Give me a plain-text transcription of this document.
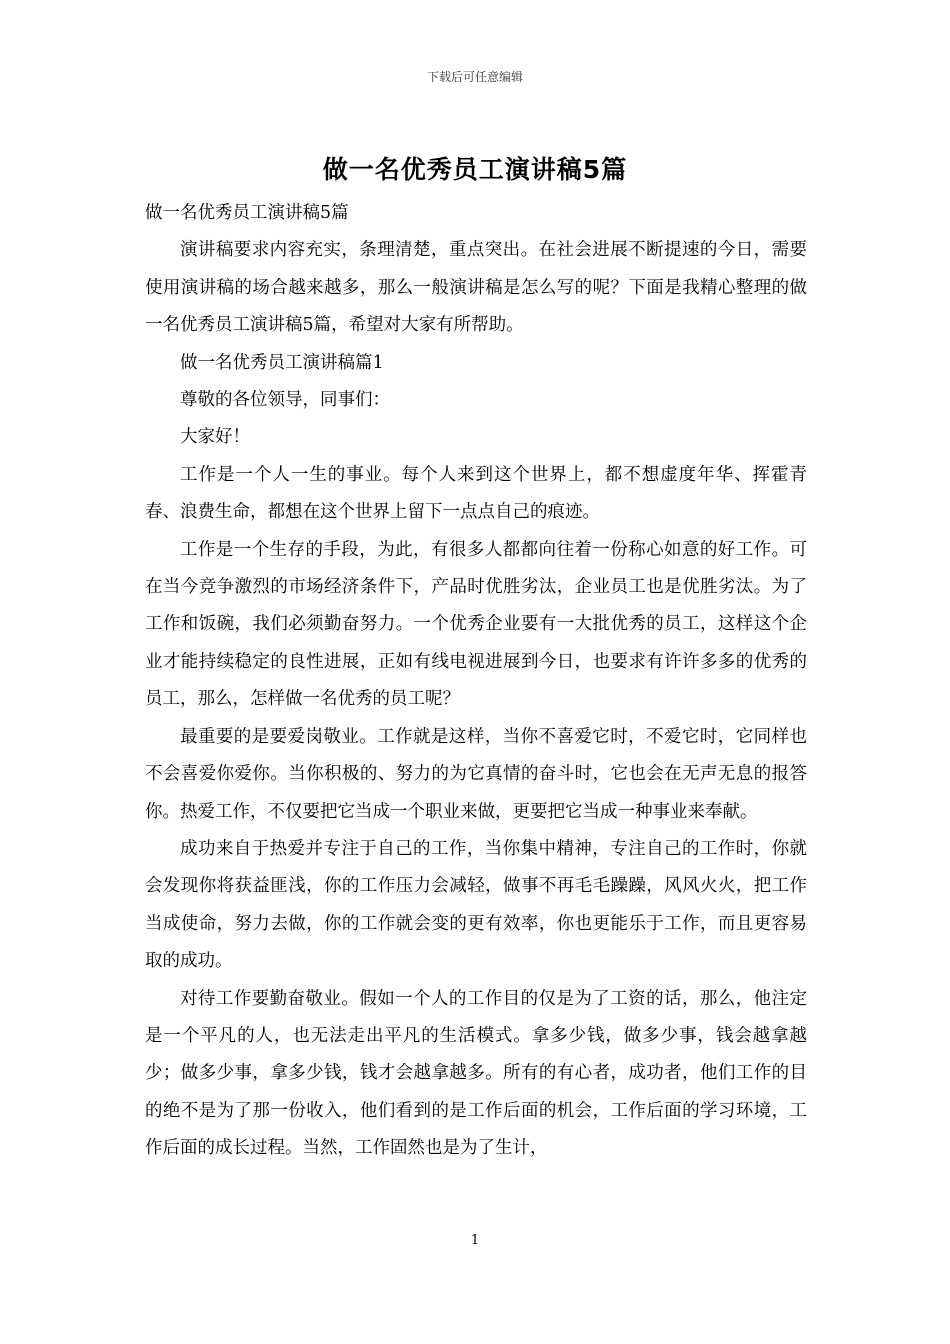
下载后可任意编辑
做一名优秀员工演讲稿5篇

做一名优秀员工演讲稿5篇

演讲稿要求内容充实，条理清楚，重点突出。在社会进展不断提速的今日，需要使用演讲稿的场合越来越多，那么一般演讲稿是怎么写的呢？下面是我精心整理的做一名优秀员工演讲稿5篇，希望对大家有所帮助。

做一名优秀员工演讲稿篇1

尊敬的各位领导，同事们：

大家好！

工作是一个人一生的事业。每个人来到这个世界上，都不想虚度年华、挥霍青春、浪费生命，都想在这个世界上留下一点点自己的痕迹。

工作是一个生存的手段，为此，有很多人都都向往着一份称心如意的好工作。可在当今竞争激烈的市场经济条件下，产品时优胜劣汰，企业员工也是优胜劣汰。为了工作和饭碗，我们必须勤奋努力。一个优秀企业要有一大批优秀的员工，这样这个企业才能持续稳定的良性进展，正如有线电视进展到今日，也要求有许许多多的优秀的员工，那么，怎样做一名优秀的员工呢？

最重要的是要爱岗敬业。工作就是这样，当你不喜爱它时，不爱它时，它同样也不会喜爱你爱你。当你积极的、努力的为它真情的奋斗时，它也会在无声无息的报答你。热爱工作，不仅要把它当成一个职业来做，更要把它当成一种事业来奉献。

成功来自于热爱并专注于自己的工作，当你集中精神，专注自己的工作时，你就会发现你将获益匪浅，你的工作压力会减轻，做事不再毛毛躁躁，风风火火，把工作当成使命，努力去做，你的工作就会变的更有效率，你也更能乐于工作，而且更容易取的成功。

对待工作要勤奋敬业。假如一个人的工作目的仅是为了工资的话，那么，他注定是一个平凡的人，也无法走出平凡的生活模式。拿多少钱，做多少事，钱会越拿越少；做多少事，拿多少钱，钱才会越拿越多。所有的有心者，成功者，他们工作的目的绝不是为了那一份收入，他们看到的是工作后面的机会，工作后面的学习环境，工作后面的成长过程。当然，工作固然也是为了生计，

1
